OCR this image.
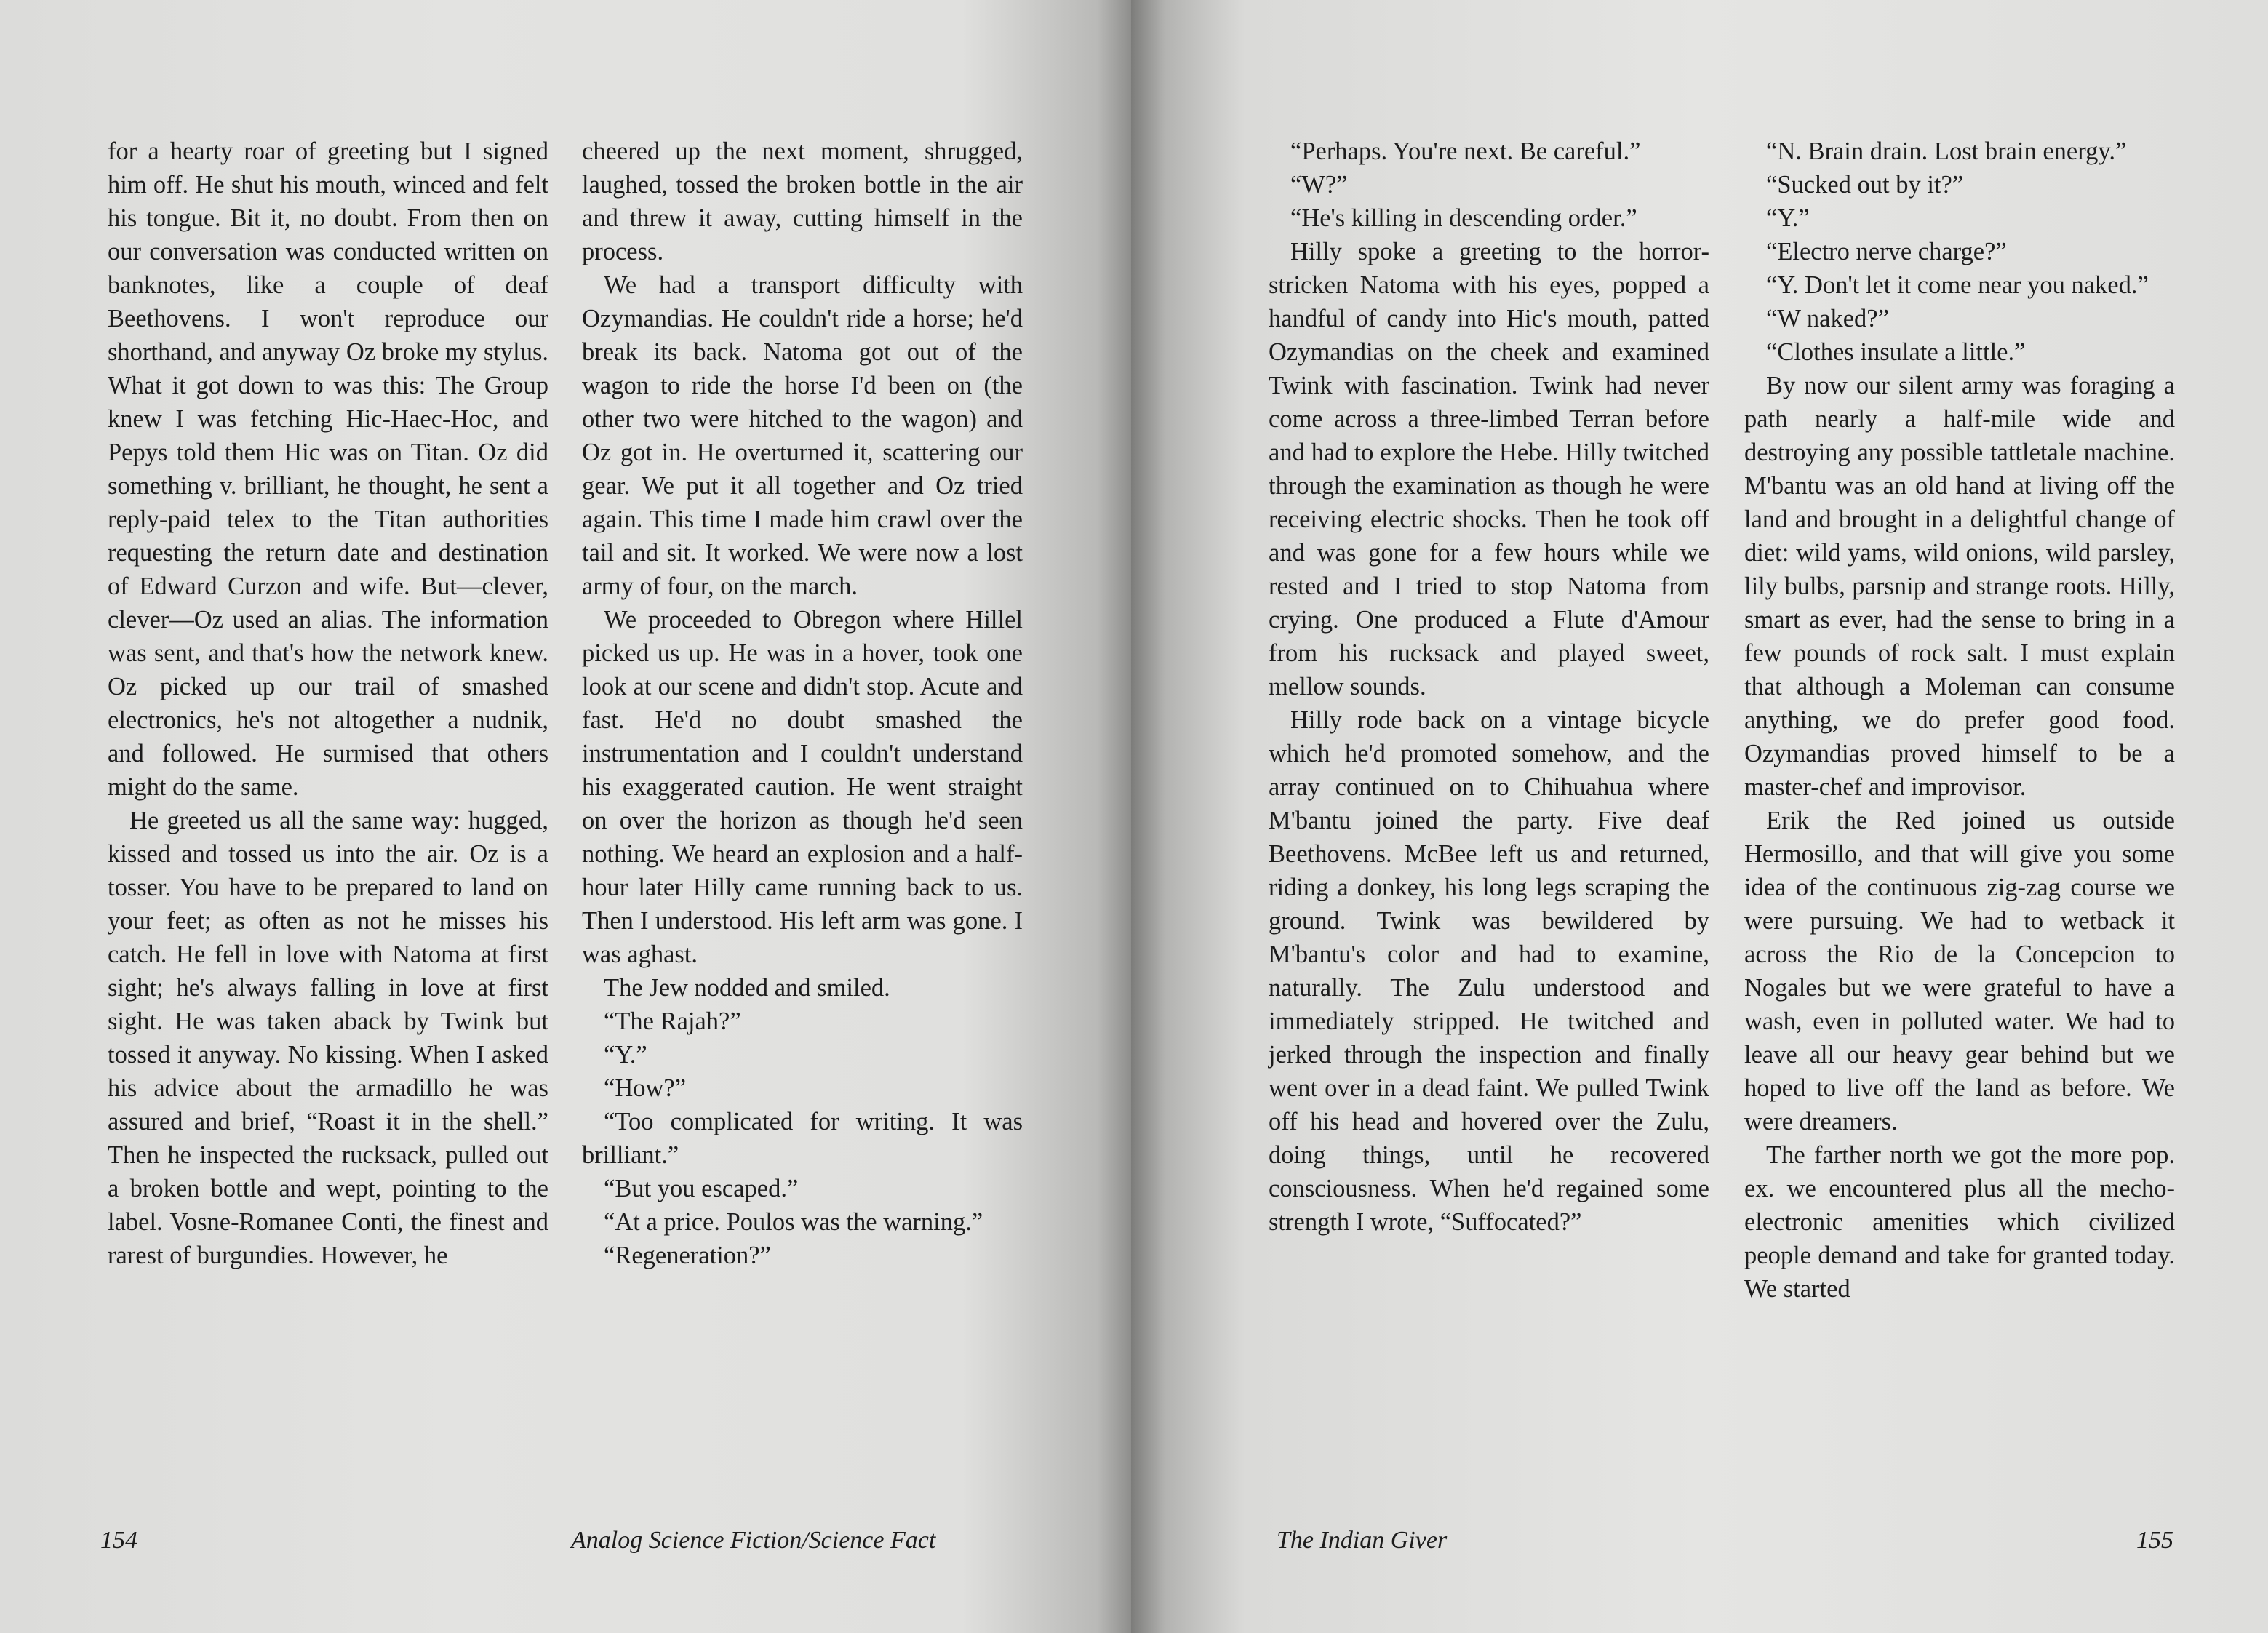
for a hearty roar of greeting but I signed him off. He shut his mouth, winced and felt his tongue. Bit it, no doubt. From then on our conversation was conducted written on banknotes, like a couple of deaf Beethovens. I won't reproduce our shorthand, and anyway Oz broke my stylus. What it got down to was this: The Group knew I was fetching Hic-Haec-Hoc, and Pepys told them Hic was on Titan. Oz did something v. brilliant, he thought, he sent a reply-paid telex to the Titan authorities requesting the return date and destination of Edward Curzon and wife. But—clever, clever—Oz used an alias. The information was sent, and that's how the network knew. Oz picked up our trail of smashed electronics, he's not altogether a nudnik, and followed. He surmised that others might do the same.

He greeted us all the same way: hugged, kissed and tossed us into the air. Oz is a tosser. You have to be prepared to land on your feet; as often as not he misses his catch. He fell in love with Natoma at first sight; he's always falling in love at first sight. He was taken aback by Twink but tossed it anyway. No kissing. When I asked his advice about the armadillo he was assured and brief, “Roast it in the shell.” Then he inspected the rucksack, pulled out a broken bottle and wept, pointing to the label. Vosne-Romanee Conti, the finest and rarest of burgundies. However, he

cheered up the next moment, shrugged, laughed, tossed the broken bottle in the air and threw it away, cutting himself in the process.

We had a transport difficulty with Ozymandias. He couldn't ride a horse; he'd break its back. Natoma got out of the wagon to ride the horse I'd been on (the other two were hitched to the wagon) and Oz got in. He overturned it, scattering our gear. We put it all together and Oz tried again. This time I made him crawl over the tail and sit. It worked. We were now a lost army of four, on the march.

We proceeded to Obregon where Hillel picked us up. He was in a hover, took one look at our scene and didn't stop. Acute and fast. He'd no doubt smashed the instrumentation and I couldn't understand his exaggerated caution. He went straight on over the horizon as though he'd seen nothing. We heard an explosion and a half-hour later Hilly came running back to us. Then I understood. His left arm was gone. I was aghast.

The Jew nodded and smiled.

“The Rajah?”

“Y.”

“How?”

“Too complicated for writing. It was brilliant.”

“But you escaped.”

“At a price. Poulos was the warning.”

“Regeneration?”

154	Analog Science Fiction/Science Fact

“Perhaps. You're next. Be careful.”

“W?”

“He's killing in descending order.”

Hilly spoke a greeting to the horror-stricken Natoma with his eyes, popped a handful of candy into Hic's mouth, patted Ozymandias on the cheek and examined Twink with fascination. Twink had never come across a three-limbed Terran before and had to explore the Hebe. Hilly twitched through the examination as though he were receiving electric shocks. Then he took off and was gone for a few hours while we rested and I tried to stop Natoma from crying. One produced a Flute d'Amour from his rucksack and played sweet, mellow sounds.

Hilly rode back on a vintage bicycle which he'd promoted somehow, and the array continued on to Chihuahua where M'bantu joined the party. Five deaf Beethovens. McBee left us and returned, riding a donkey, his long legs scraping the ground. Twink was bewildered by M'bantu's color and had to examine, naturally. The Zulu understood and immediately stripped. He twitched and jerked through the inspection and finally went over in a dead faint. We pulled Twink off his head and hovered over the Zulu, doing things, until he recovered consciousness. When he'd regained some strength I wrote, “Suffocated?”

“N. Brain drain. Lost brain energy.”

“Sucked out by it?”

“Y.”

“Electro nerve charge?”

“Y. Don't let it come near you naked.”

“W naked?”

“Clothes insulate a little.”

By now our silent army was foraging a path nearly a half-mile wide and destroying any possible tattletale machine. M'bantu was an old hand at living off the land and brought in a delightful change of diet: wild yams, wild onions, wild parsley, lily bulbs, parsnip and strange roots. Hilly, smart as ever, had the sense to bring in a few pounds of rock salt. I must explain that although a Moleman can consume anything, we do prefer good food. Ozymandias proved himself to be a master-chef and improvisor.

Erik the Red joined us outside Hermosillo, and that will give you some idea of the continuous zig-zag course we were pursuing. We had to wetback it across the Rio de la Concepcion to Nogales but we were grateful to have a wash, even in polluted water. We had to leave all our heavy gear behind but we hoped to live off the land as before. We were dreamers.

The farther north we got the more pop. ex. we encountered plus all the mecho-electronic amenities which civilized people demand and take for granted today. We started

The Indian Giver	155
